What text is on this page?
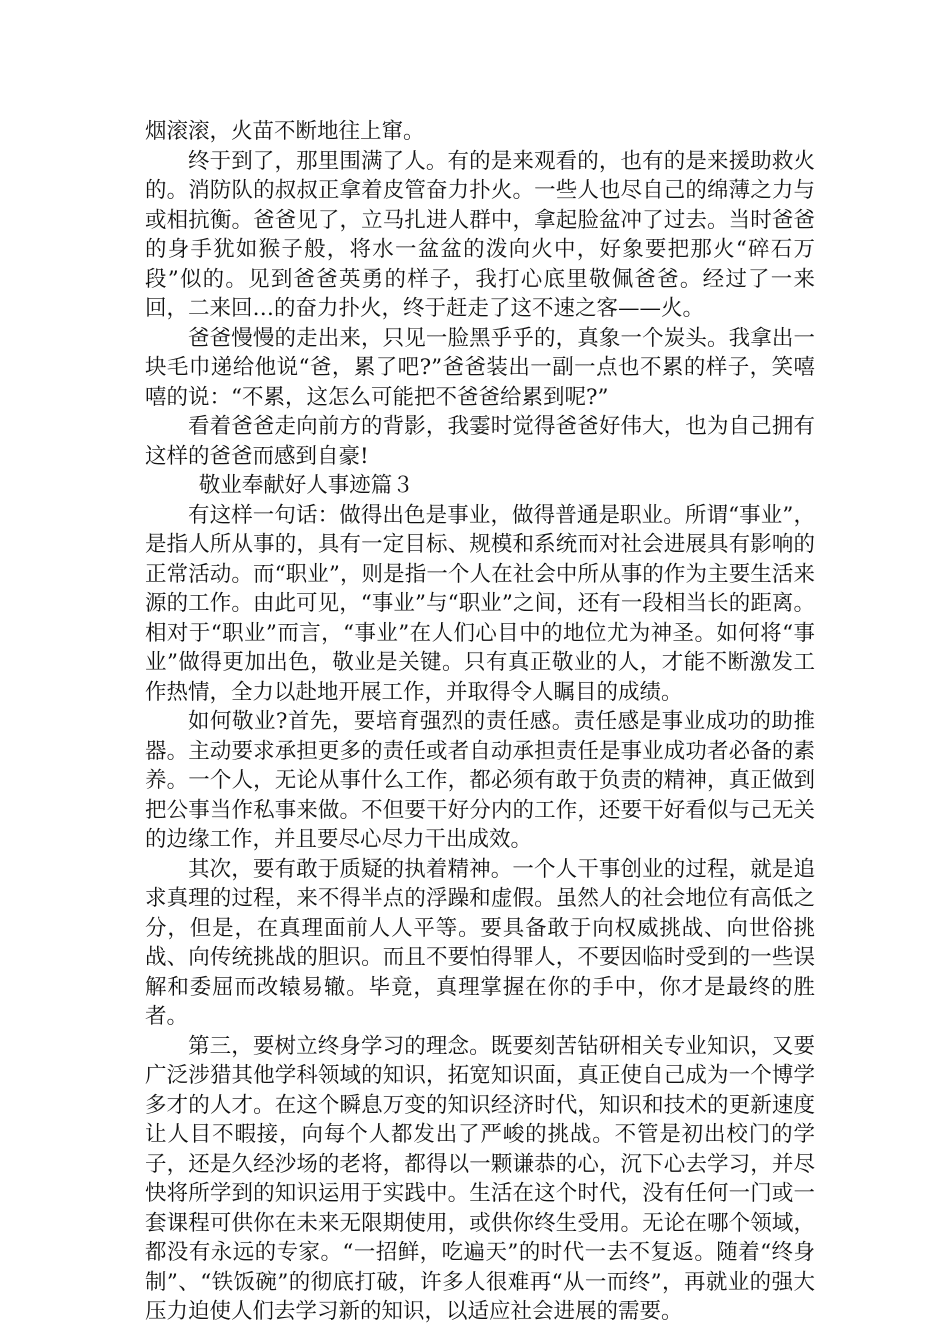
烟滚滚，火苗不断地往上窜。

终于到了，那里围满了人。有的是来观看的，也有的是来援助救火的。消防队的叔叔正拿着皮管奋力扑火。一些人也尽自己的绵薄之力与或相抗衡。爸爸见了，立马扎进人群中，拿起脸盆冲了过去。当时爸爸的身手犹如猴子般，将水一盆盆的泼向火中，好象要把那火“碎石万段”似的。见到爸爸英勇的样子，我打心底里敬佩爸爸。经过了一来回，二来回…的奋力扑火，终于赶走了这不速之客——火。

爸爸慢慢的走出来，只见一脸黑乎乎的，真象一个炭头。我拿出一块毛巾递给他说“爸，累了吧?”爸爸装出一副一点也不累的样子，笑嘻嘻的说：“不累，这怎么可能把不爸爸给累到呢?”

看着爸爸走向前方的背影，我霎时觉得爸爸好伟大，也为自己拥有这样的爸爸而感到自豪!

敬业奉献好人事迹篇３

有这样一句话：做得出色是事业，做得普通是职业。所谓“事业”，是指人所从事的，具有一定目标、规模和系统而对社会进展具有影响的正常活动。而“职业”，则是指一个人在社会中所从事的作为主要生活来源的工作。由此可见，“事业”与“职业”之间，还有一段相当长的距离。相对于“职业”而言，“事业”在人们心目中的地位尤为神圣。如何将“事业”做得更加出色，敬业是关键。只有真正敬业的人，才能不断激发工作热情，全力以赴地开展工作，并取得令人瞩目的成绩。

如何敬业?首先，要培育强烈的责任感。责任感是事业成功的助推器。主动要求承担更多的责任或者自动承担责任是事业成功者必备的素养。一个人，无论从事什么工作，都必须有敢于负责的精神，真正做到把公事当作私事来做。不但要干好分内的工作，还要干好看似与己无关的边缘工作，并且要尽心尽力干出成效。

其次，要有敢于质疑的执着精神。一个人干事创业的过程，就是追求真理的过程，来不得半点的浮躁和虚假。虽然人的社会地位有高低之分，但是，在真理面前人人平等。要具备敢于向权威挑战、向世俗挑战、向传统挑战的胆识。而且不要怕得罪人，不要因临时受到的一些误解和委屈而改辕易辙。毕竟，真理掌握在你的手中，你才是最终的胜者。

第三，要树立终身学习的理念。既要刻苦钻研相关专业知识，又要广泛涉猎其他学科领域的知识，拓宽知识面，真正使自己成为一个博学多才的人才。在这个瞬息万变的知识经济时代，知识和技术的更新速度让人目不暇接，向每个人都发出了严峻的挑战。不管是初出校门的学子，还是久经沙场的老将，都得以一颗谦恭的心，沉下心去学习，并尽快将所学到的知识运用于实践中。生活在这个时代，没有任何一门或一套课程可供你在未来无限期使用，或供你终生受用。无论在哪个领域，都没有永远的专家。“一招鲜，吃遍天”的时代一去不复返。随着“终身制”、“铁饭碗”的彻底打破，许多人很难再“从一而终”，再就业的强大压力迫使人们去学习新的知识，以适应社会进展的需要。
